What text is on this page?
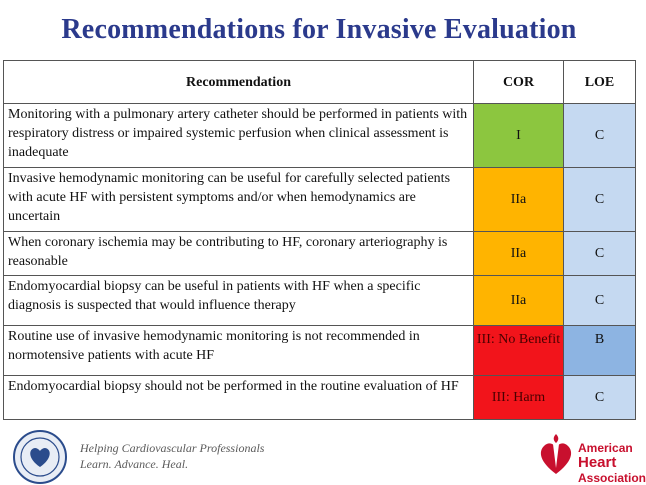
Recommendations for Invasive Evaluation
Recommendation	COR	LOE
Monitoring with a pulmonary artery catheter should be performed in patients with respiratory distress or impaired systemic perfusion when clinical assessment is inadequate	I	C
Invasive hemodynamic monitoring can be useful for carefully selected patients with acute HF with persistent symptoms and/or when hemodynamics are uncertain	IIa	C
When coronary ischemia may be contributing to HF, coronary arteriography is reasonable	IIa	C
Endomyocardial biopsy can be useful in patients with HF when a specific diagnosis is suspected that would influence therapy	IIa	C
Routine use of invasive hemodynamic monitoring is not recommended in normotensive patients with acute HF	III: No Benefit	B
Endomyocardial biopsy should not be performed in the routine evaluation of HF	III: Harm	C
Helping Cardiovascular Professionals
Learn. Advance. Heal.
American
Heart
Association
